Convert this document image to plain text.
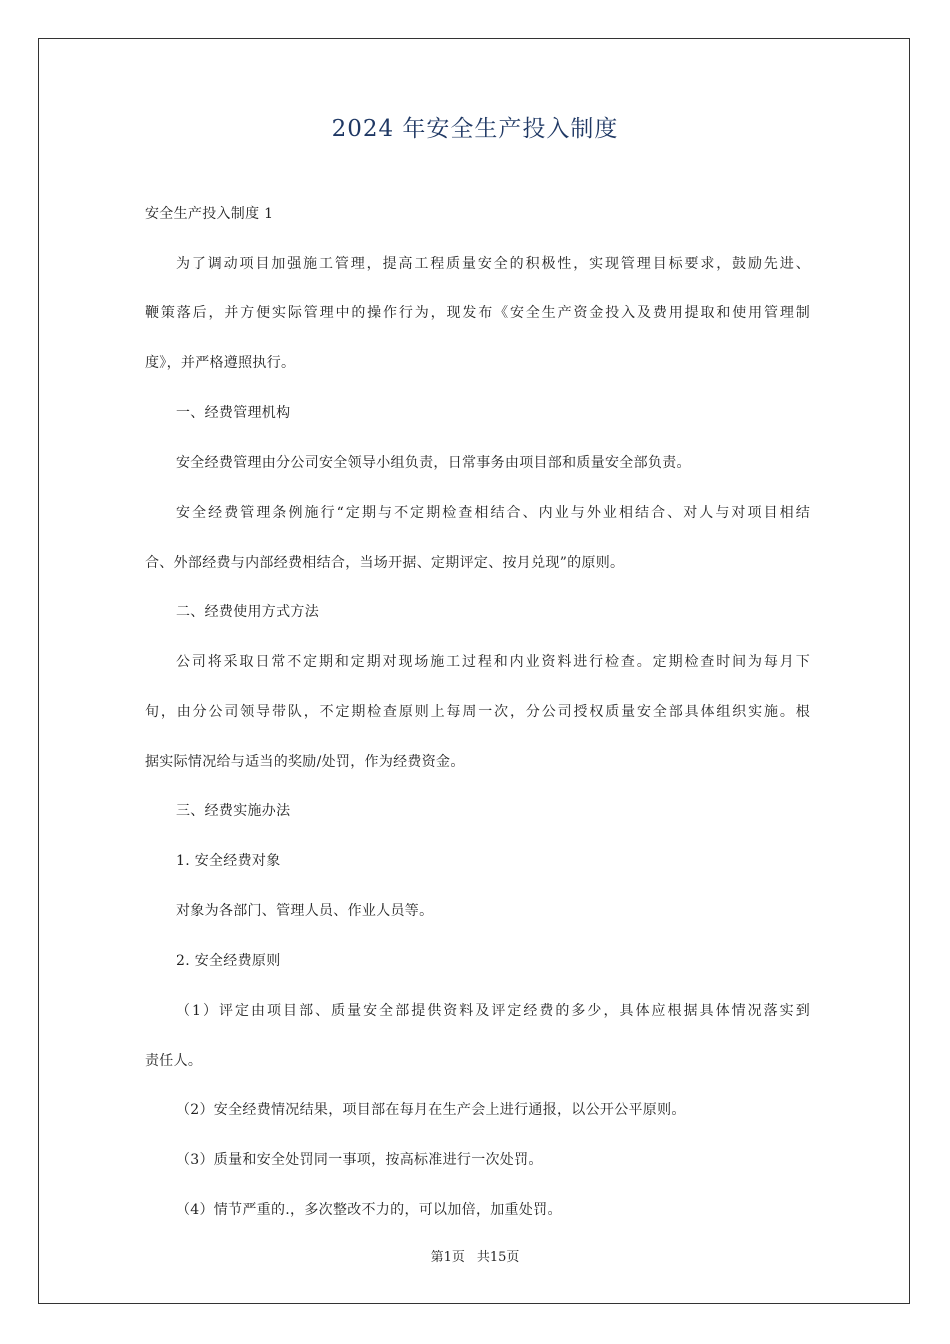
2024 年安全生产投入制度
安全生产投入制度 1
为了调动项目加强施工管理，提高工程质量安全的积极性，实现管理目标要求，鼓励先进、
鞭策落后，并方便实际管理中的操作行为，现发布《安全生产资金投入及费用提取和使用管理制
度》，并严格遵照执行。
一、经费管理机构
安全经费管理由分公司安全领导小组负责，日常事务由项目部和质量安全部负责。
安全经费管理条例施行“定期与不定期检查相结合、内业与外业相结合、对人与对项目相结
合、外部经费与内部经费相结合，当场开据、定期评定、按月兑现”的原则。
二、经费使用方式方法
公司将采取日常不定期和定期对现场施工过程和内业资料进行检查。定期检查时间为每月下
旬，由分公司领导带队，不定期检查原则上每周一次，分公司授权质量安全部具体组织实施。根
据实际情况给与适当的奖励/处罚，作为经费资金。
三、经费实施办法
1. 安全经费对象
对象为各部门、管理人员、作业人员等。
2. 安全经费原则
（1）评定由项目部、质量安全部提供资料及评定经费的多少，具体应根据具体情况落实到
责任人。
（2）安全经费情况结果，项目部在每月在生产会上进行通报，以公开公平原则。
（3）质量和安全处罚同一事项，按高标准进行一次处罚。
（4）情节严重的.，多次整改不力的，可以加倍，加重处罚。
第1页 共15页
